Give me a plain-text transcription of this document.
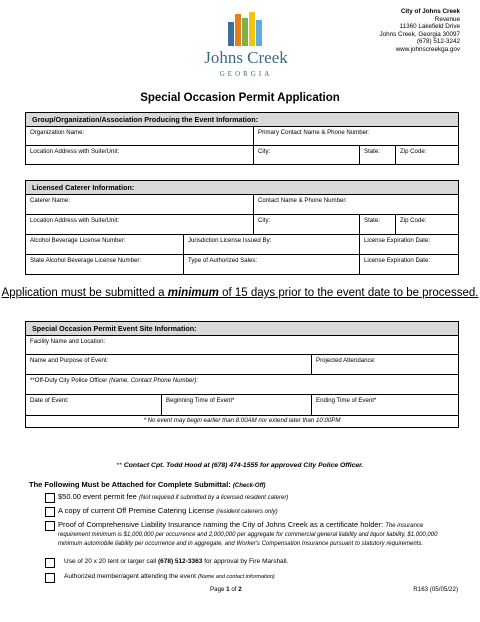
Johns Creek
GEORGIA
City of Johns Creek
Revenue
11360 Lakefield Drive
Johns Creek, Georgia 30097
(678) 512-3242
www.johnscreekga.gov
Special Occasion Permit Application
Group/Organization/Association Producing the Event Information:
Organization Name:	Primary Contact Name & Phone Number:
Location Address with Suite/Unit:	City:	State:	Zip Code:
Licensed Caterer Information:
Caterer Name:	Contact Name & Phone Number:
Location Address with Suite/Unit:	City:	State:	Zip Code:
Alcohol Beverage License Number:	Jurisdiction License Issued By:	License Expiration Date:
State Alcohol Beverage License Number:	Type of Authorized Sales:	License Expiration Date:
Application must be submitted a minimum of 15 days prior to the event date to be processed.
Special Occasion Permit Event Site Information:
Facility Name and Location:
Name and Purpose of Event:	Projected Attendance:
**Off-Duty City Police Officer (Name, Contact Phone Number):
Date of Event:	Beginning Time of Event*	Ending Time of Event*
* No event may begin earlier than 8:00AM nor extend later than 10:00PM
** Contact Cpt. Todd Hood at (678) 474-1555 for approved City Police Officer.
The Following Must be Attached for Complete Submittal: (Check-Off)
$50.00 event permit fee (Not required if submitted by a licensed resident caterer)
A copy of current Off Premise Catering License (resident caterers only)
Proof of Comprehensive Liability Insurance naming the City of Johns Creek as a certificate holder: The insurance requirement minimum is $1,000,000 per occurrence and 2,000,000 per aggregate for commercial general liability and liquor liability, $1,000,000 minimum automobile liability per occurrence and in aggregate, and Worker's Compensation Insurance pursuant to statutory requirements.
Use of 20 x 20 tent or larger call (678) 512-3363 for approval by Fire Marshall.
Authorized member/agent attending the event (Name and contact information)
Page 1 of 2	R163 (05/05/22)
